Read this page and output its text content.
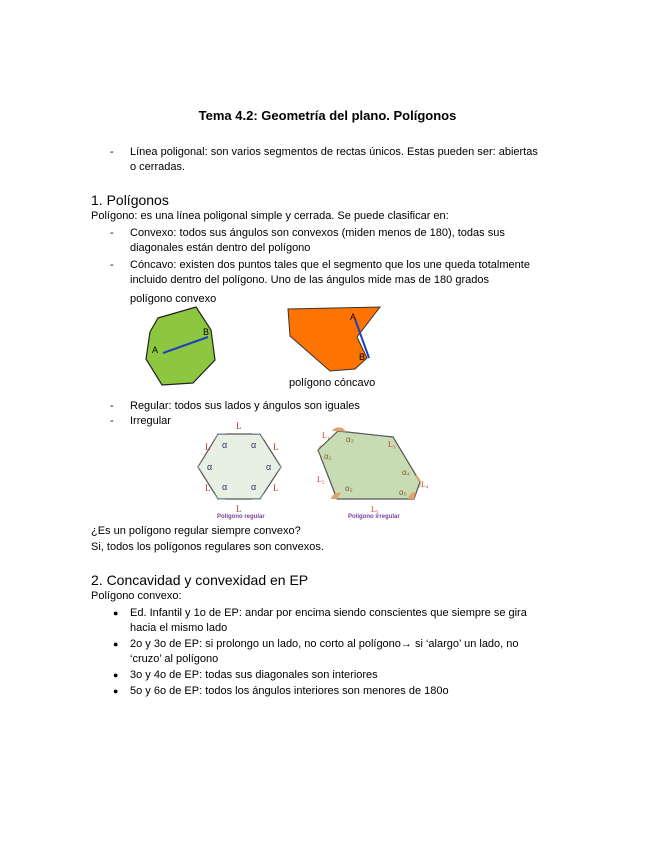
Tema 4.2: Geometría del plano. Polígonos
- Línea poligonal: son varios segmentos de rectas únicos. Estas pueden ser: abiertas
o cerradas.
1. Polígonos
Polígono: es una línea poligonal simple y cerrada. Se puede clasificar en:
- Convexo: todos sus ángulos son convexos (miden menos de 180), todas sus
diagonales están dentro del polígono
- Cóncavo: existen dos puntos tales que el segmento que los une queda totalmente
incluido dentro del polígono. Uno de las ángulos mide mas de 180 grados
polígono convexo
A
B
A
B
polígono cóncavo
- Regular: todos sus lados y ángulos son iguales
- Irregular	L
L	L
L	L
L
α	α
α
α
α
α
Polígono regular
L₁
L₂
L₃
L₄
L₅
α₃
α₁
α₂
α₄
α₅
Polígono irregular
¿Es un polígono regular siempre convexo?
Si, todos los polígonos regulares son convexos.
2. Concavidad y convexidad en EP
Polígono convexo:
● Ed. Infantil y 1o de EP: andar por encima siendo conscientes que siempre se gira
hacia el mismo lado
● 2o y 3o de EP: si prolongo un lado, no corto al polígono→ si ‘alargo’ un lado, no
‘cruzo’ al polígono
● 3o y 4o de EP: todas sus diagonales son interiores
● 5o y 6o de EP: todos los ángulos interiores son menores de 180o
